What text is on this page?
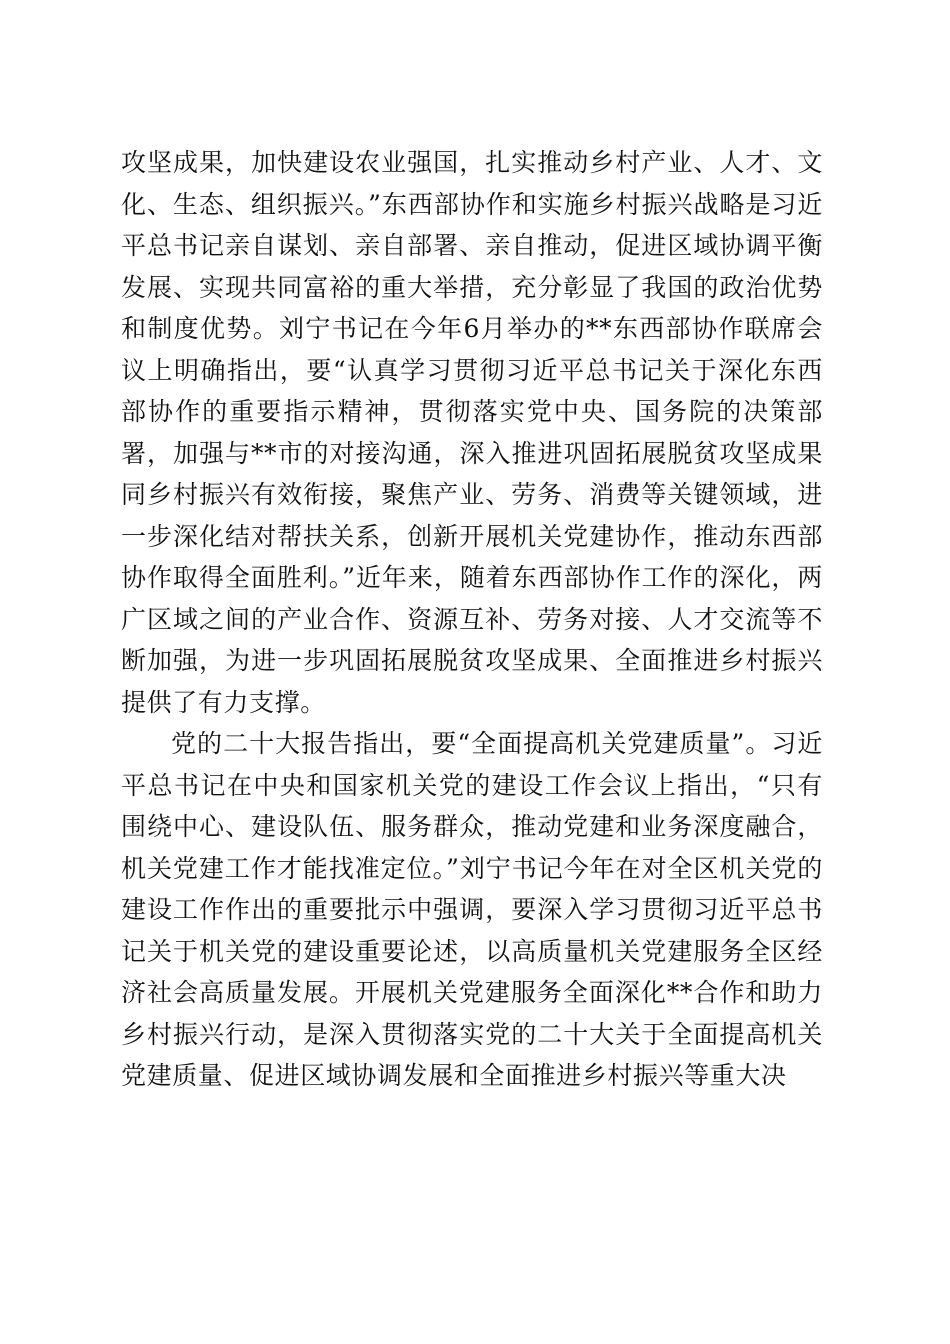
攻坚成果，加快建设农业强国，扎实推动乡村产业、人才、文化、生态、组织振兴。”东西部协作和实施乡村振兴战略是习近平总书记亲自谋划、亲自部署、亲自推动，促进区域协调平衡发展、实现共同富裕的重大举措，充分彰显了我国的政治优势和制度优势。刘宁书记在今年6月举办的**东西部协作联席会议上明确指出，要“认真学习贯彻习近平总书记关于深化东西部协作的重要指示精神，贯彻落实党中央、国务院的决策部署，加强与**市的对接沟通，深入推进巩固拓展脱贫攻坚成果同乡村振兴有效衔接，聚焦产业、劳务、消费等关键领域，进一步深化结对帮扶关系，创新开展机关党建协作，推动东西部协作取得全面胜利。”近年来，随着东西部协作工作的深化，两广区域之间的产业合作、资源互补、劳务对接、人才交流等不断加强，为进一步巩固拓展脱贫攻坚成果、全面推进乡村振兴提供了有力支撑。

党的二十大报告指出，要“全面提高机关党建质量”。习近平总书记在中央和国家机关党的建设工作会议上指出，“只有围绕中心、建设队伍、服务群众，推动党建和业务深度融合，机关党建工作才能找准定位。”刘宁书记今年在对全区机关党的建设工作作出的重要批示中强调，要深入学习贯彻习近平总书记关于机关党的建设重要论述，以高质量机关党建服务全区经济社会高质量发展。开展机关党建服务全面深化**合作和助力乡村振兴行动，是深入贯彻落实党的二十大关于全面提高机关党建质量、促进区域协调发展和全面推进乡村振兴等重大决
